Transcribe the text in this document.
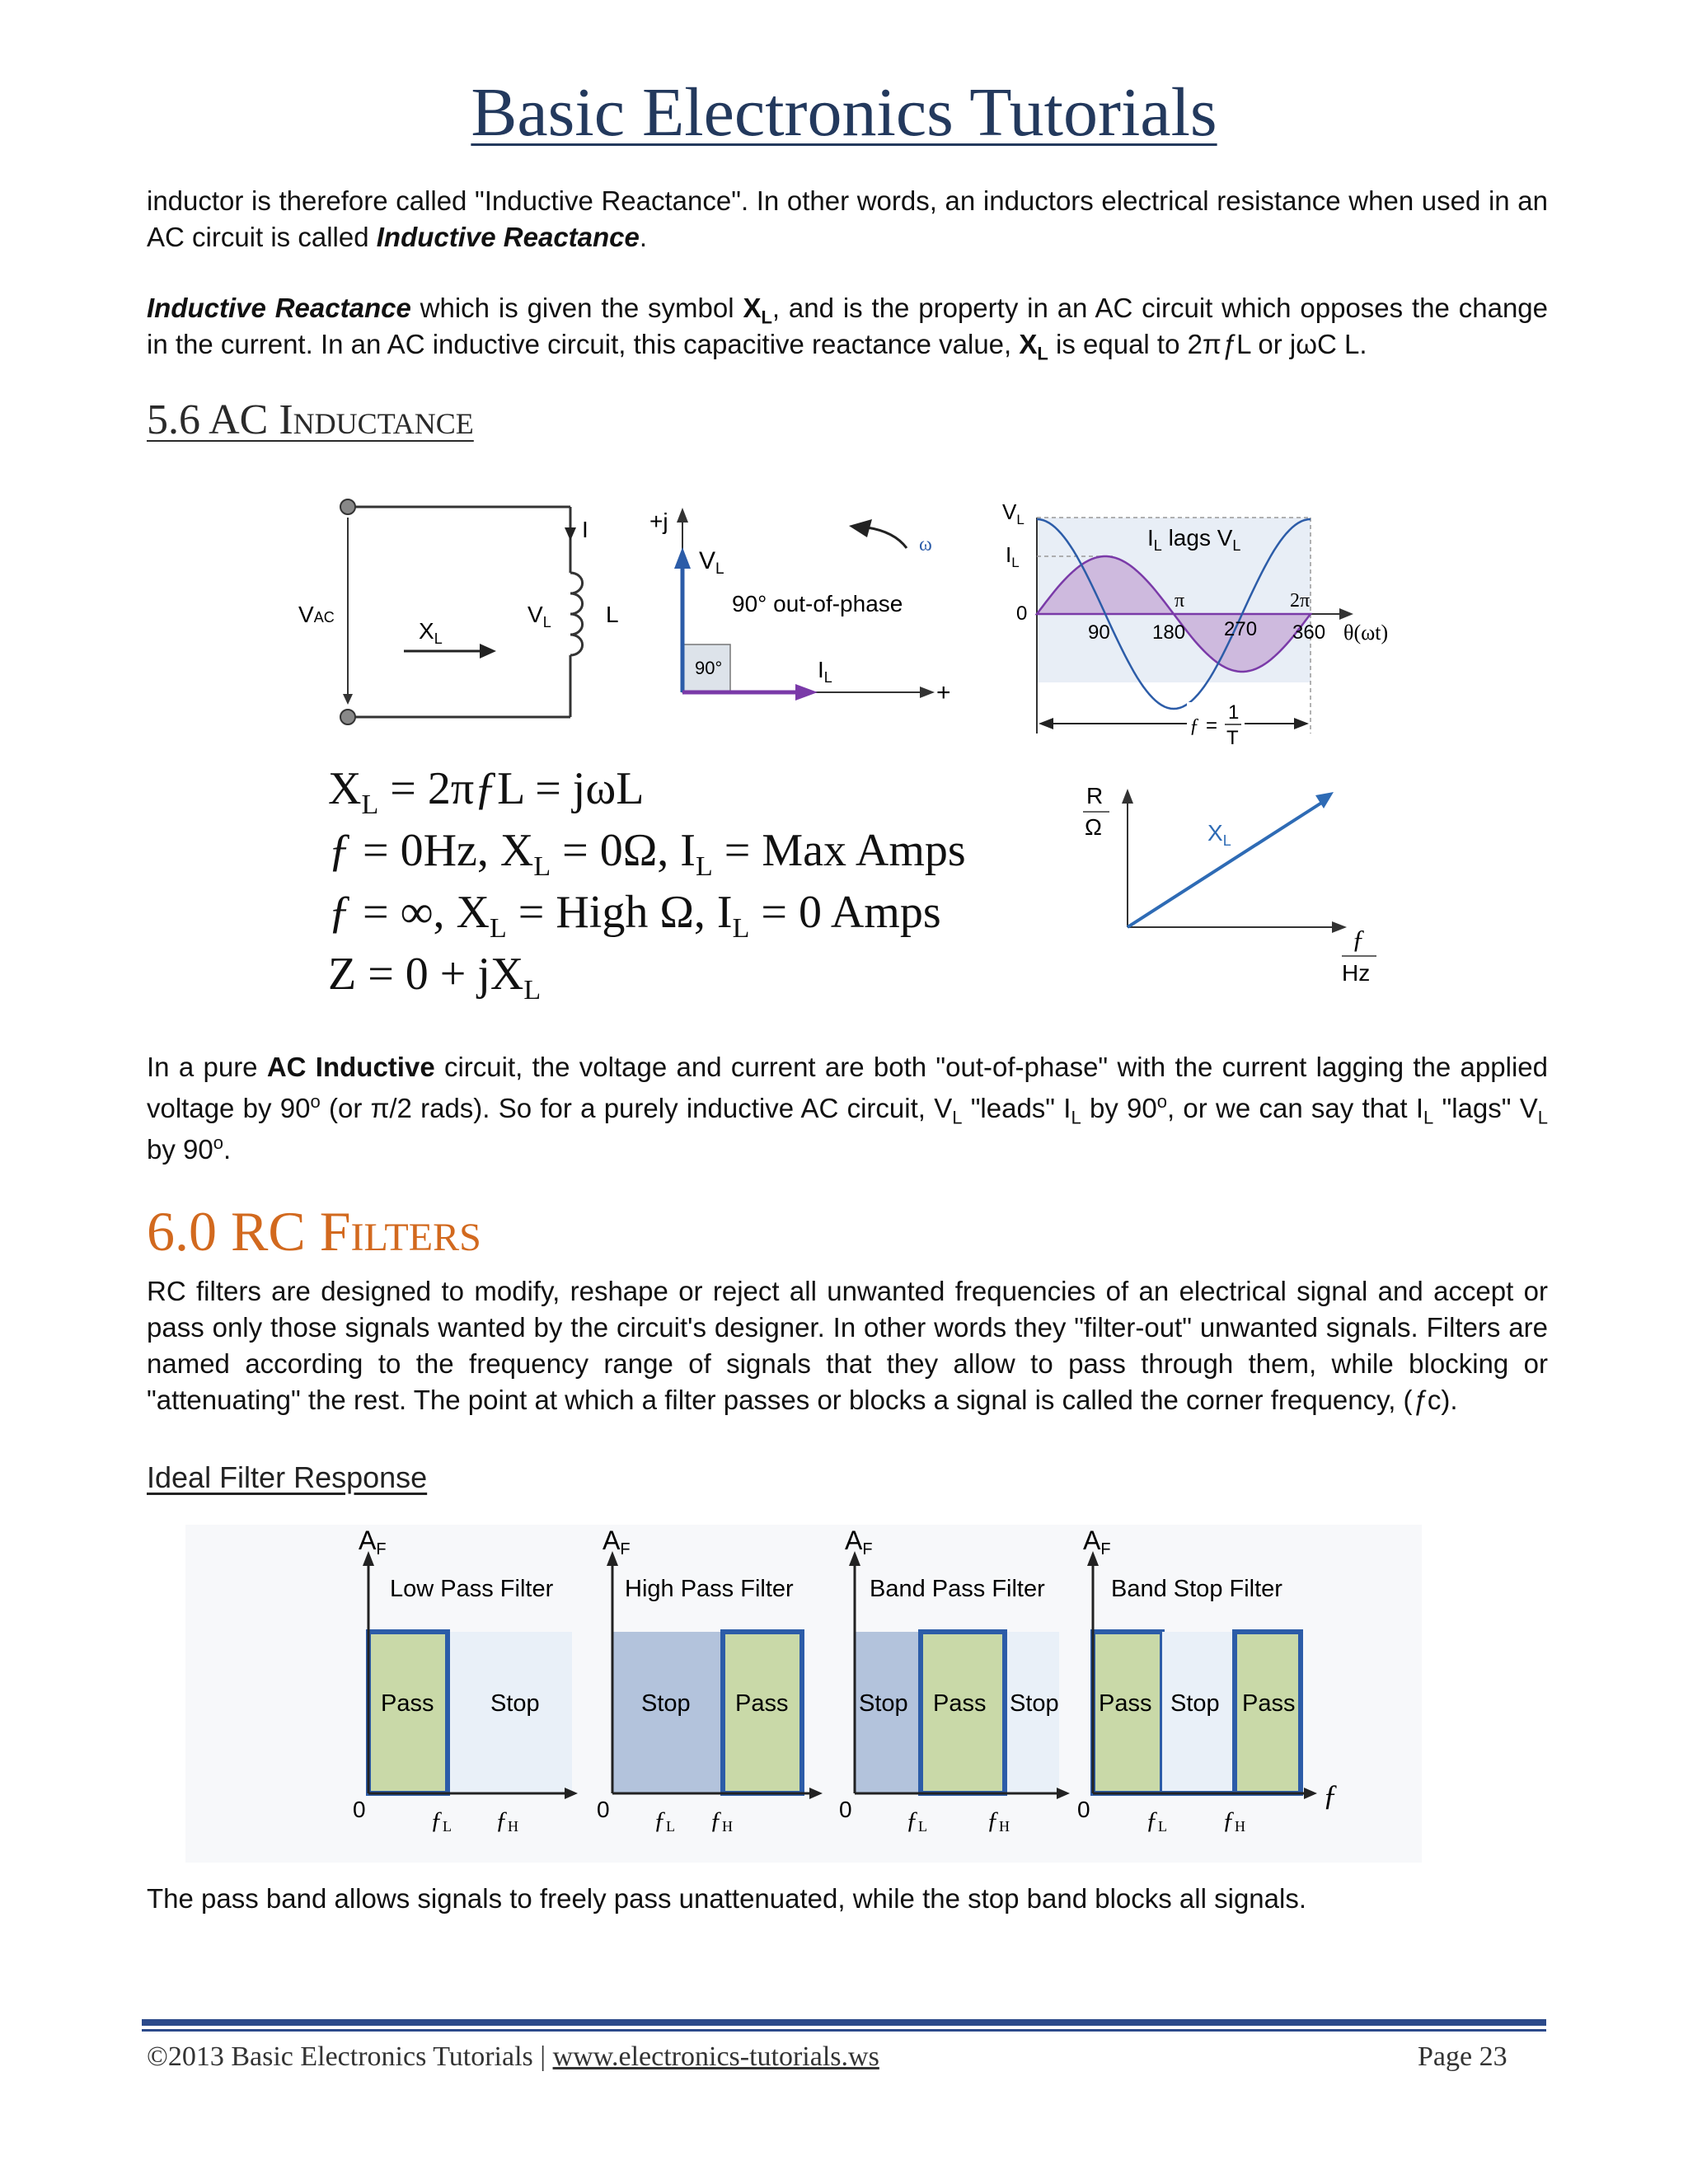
Basic Electronics Tutorials
inductor is therefore called "Inductive Reactance". In other words, an inductors electrical resistance when used in an AC circuit is called Inductive Reactance.
Inductive Reactance which is given the symbol $X_L$, and is the property in an AC circuit which opposes the change in the current. In an AC inductive circuit, this capacitive reactance value, $X_L$ is equal to 2πƒL or jωC L.
5.6 AC Inductance
VAC
$X_L$
$V_L$ L
I	+j
$V_L$
90° out-of-phase
ω
90°	$I_L$
+
$V_L$
$I_L$
0
$I_L$ lags $V_L$
π	2π
90 180 270 360 θ(ωt)
ƒ =
1
T
$X_L$ = 2πƒL = jωL
ƒ = 0Hz, $X_L = 0\Omega$, $I_L$ = Max Amps
ƒ = ∞, $X_L$ = High Ω, $I_L = 0$ Amps
$Z = 0 + jX_L$
R
Ω	$X_L$
ƒ
Hz
In a pure AC Inductive circuit, the voltage and current are both "out-of-phase" with the current lagging the applied voltage by 90$^o$ (or π/2 rads). So for a purely inductive AC circuit, $V_L$ "leads" $I_L$ by 90$^o$, or we can say that $I_L$ "lags" $V_L$ by 90$^o$.
6.0 RC Filters
RC filters are designed to modify, reshape or reject all unwanted frequencies of an electrical signal and accept or pass only those signals wanted by the circuit's designer. In other words they "filter-out" unwanted signals. Filters are named according to the frequency range of signals that they allow to pass through them, while blocking or "attenuating" the rest. The point at which a filter passes or blocks a signal is called the corner frequency, (ƒc).
Ideal Filter Response
AF
Low Pass Filter
Pass Stop
0	ƒL ƒH
AF
High Pass Filter
Stop Pass
0 ƒL ƒH
AF
Band Pass Filter
Stop Pass Stop
0 ƒL ƒH
AF
Band Stop Filter
Pass Stop Pass
0 ƒL ƒH
ƒ
The pass band allows signals to freely pass unattenuated, while the stop band blocks all signals.
©2013 Basic Electronics Tutorials | www.electronics-tutorials.ws	Page 23
